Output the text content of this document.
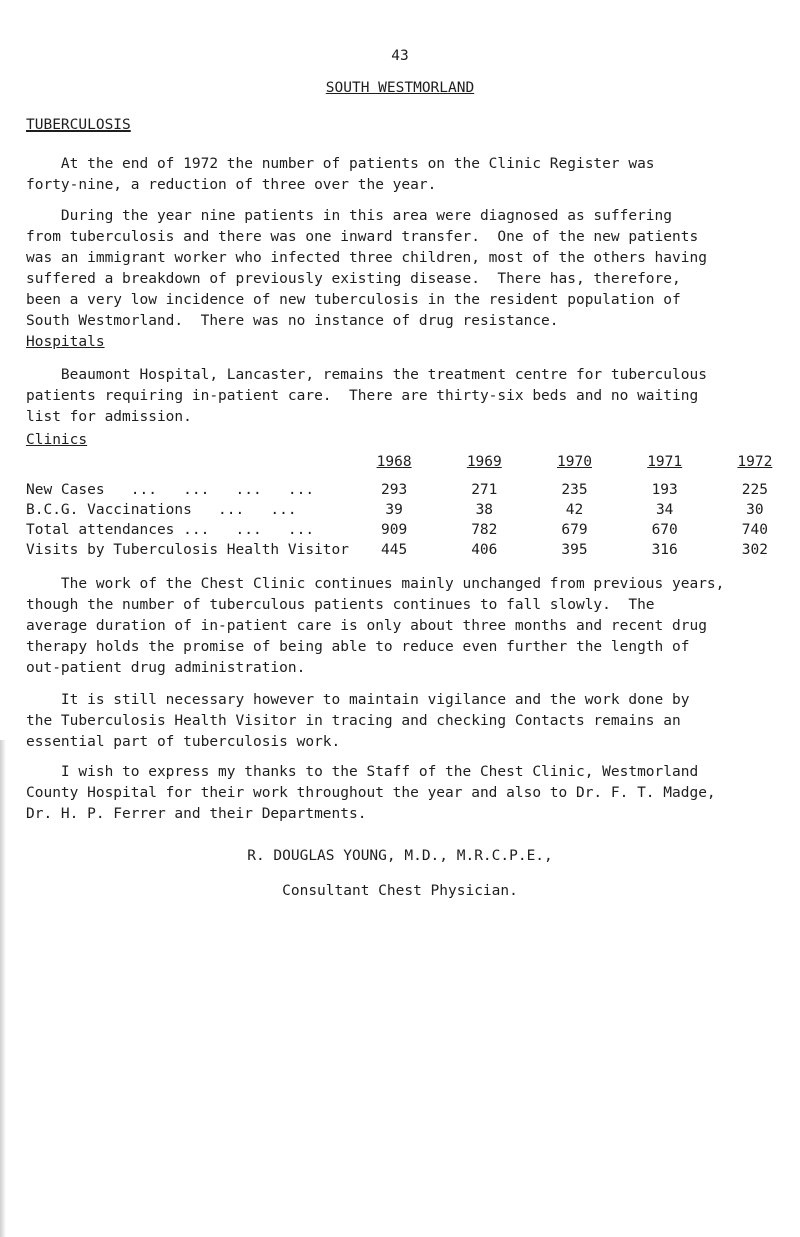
43
SOUTH WESTMORLAND
TUBERCULOSIS
At the end of 1972 the number of patients on the Clinic Register was
forty-nine, a reduction of three over the year.
During the year nine patients in this area were diagnosed as suffering
from tuberculosis and there was one inward transfer.  One of the new patients
was an immigrant worker who infected three children, most of the others having
suffered a breakdown of previously existing disease.  There has, therefore,
been a very low incidence of new tuberculosis in the resident population of
South Westmorland.  There was no instance of drug resistance.
Hospitals
Beaumont Hospital, Lancaster, remains the treatment centre for tuberculous
patients requiring in-patient care.  There are thirty-six beds and no waiting
list for admission.
Clinics
	1968	1969	1970	1971	1972

New Cases   ...   ...   ...   ...	293	271	235	193	225
B.C.G. Vaccinations   ...   ...	39	38	42	34	30
Total attendances ...   ...   ...	909	782	679	670	740
Visits by Tuberculosis Health Visitor	445	406	395	316	302
The work of the Chest Clinic continues mainly unchanged from previous years,
though the number of tuberculous patients continues to fall slowly.  The
average duration of in-patient care is only about three months and recent drug
therapy holds the promise of being able to reduce even further the length of
out-patient drug administration.
It is still necessary however to maintain vigilance and the work done by
the Tuberculosis Health Visitor in tracing and checking Contacts remains an
essential part of tuberculosis work.
I wish to express my thanks to the Staff of the Chest Clinic, Westmorland
County Hospital for their work throughout the year and also to Dr. F. T. Madge,
Dr. H. P. Ferrer and their Departments.
R. DOUGLAS YOUNG, M.D., M.R.C.P.E.,
Consultant Chest Physician.
